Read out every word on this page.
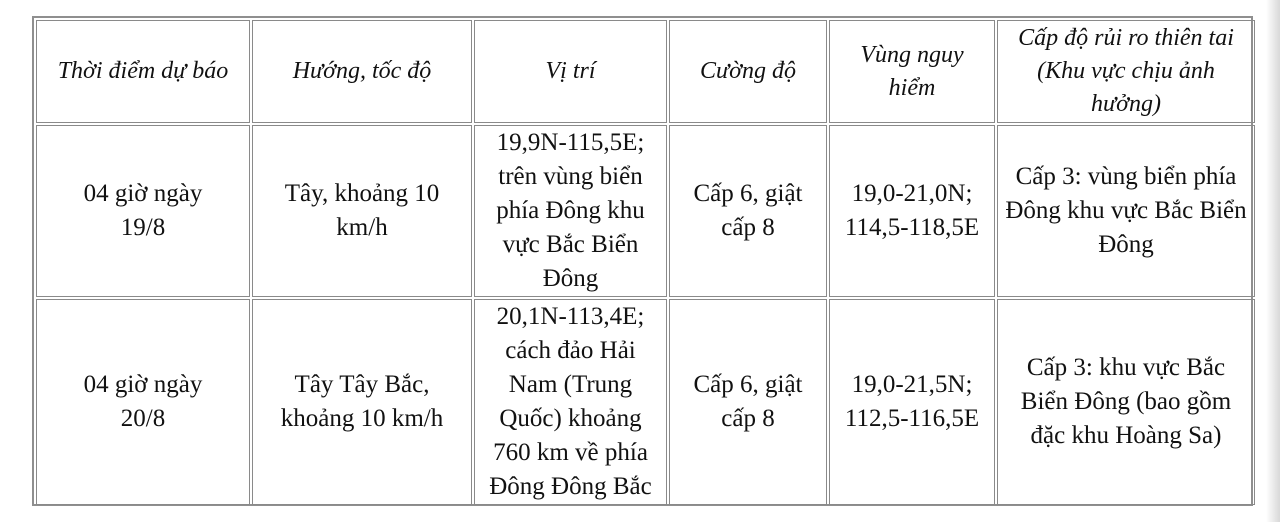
Thời điểm dự báo	Hướng, tốc độ	Vị trí	Cường độ	Vùng nguy hiểm	Cấp độ rủi ro thiên tai (Khu vực chịu ảnh hưởng)
04 giờ ngày 19/8	Tây, khoảng 10 km/h	19,9N-115,5E; trên vùng biển phía Đông khu vực Bắc Biển Đông	Cấp 6, giật cấp 8	19,0-21,0N; 114,5-118,5E	Cấp 3: vùng biển phía Đông khu vực Bắc Biển Đông
04 giờ ngày 20/8	Tây Tây Bắc, khoảng 10 km/h	20,1N-113,4E; cách đảo Hải Nam (Trung Quốc) khoảng 760 km về phía Đông Đông Bắc	Cấp 6, giật cấp 8	19,0-21,5N; 112,5-116,5E	Cấp 3: khu vực Bắc Biển Đông (bao gồm đặc khu Hoàng Sa)
